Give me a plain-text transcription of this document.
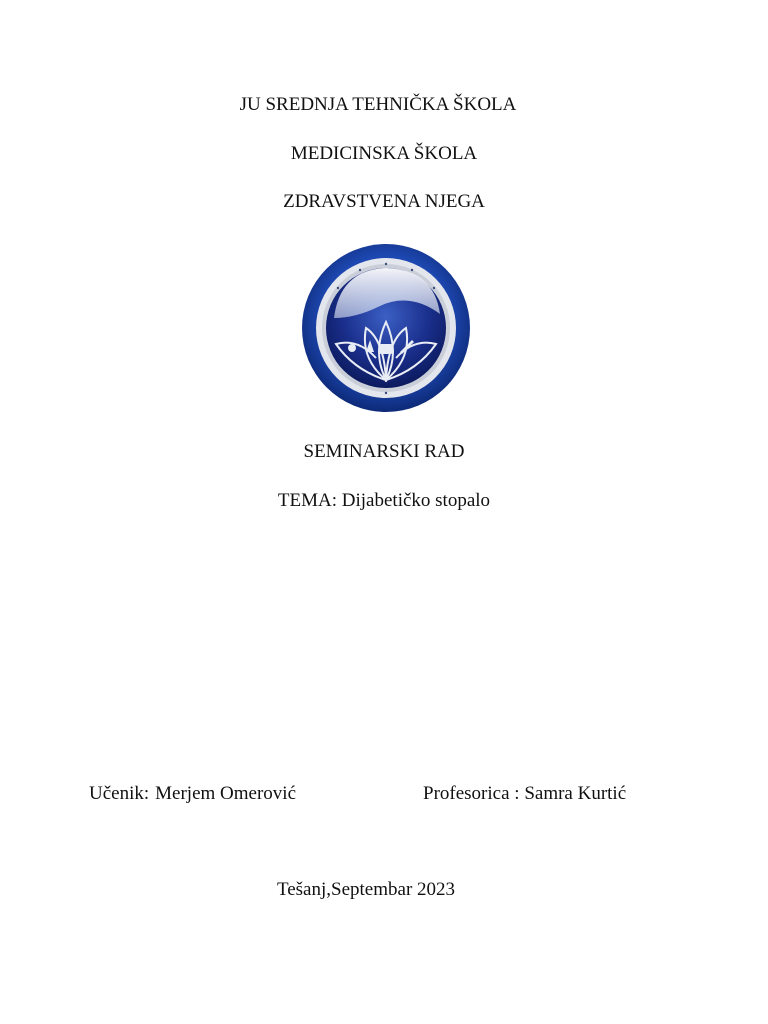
JU SREDNJA TEHNIČKA ŠKOLA
MEDICINSKA ŠKOLA
ZDRAVSTVENA NJEGA
SEMINARSKI RAD
TEMA: Dijabetičko stopalo
Učenik: Merjem Omerović	Profesorica : Samra Kurtić
Tešanj,Septembar 2023
